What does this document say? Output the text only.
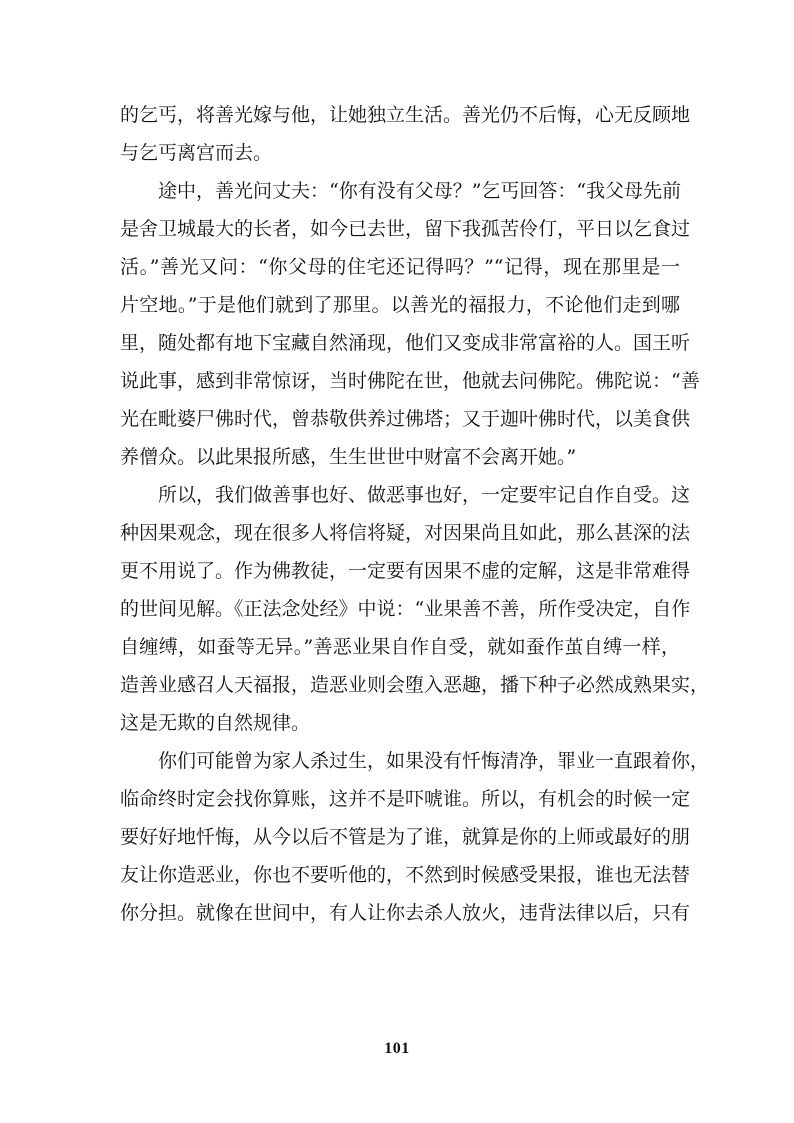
的乞丐，将善光嫁与他，让她独立生活。善光仍不后悔，心无反顾地
与乞丐离宫而去。
途中，善光问丈夫：“你有没有父母？”乞丐回答：“我父母先前
是舍卫城最大的长者，如今已去世，留下我孤苦伶仃，平日以乞食过
活。”善光又问：“你父母的住宅还记得吗？”“记得，现在那里是一
片空地。”于是他们就到了那里。以善光的福报力，不论他们走到哪
里，随处都有地下宝藏自然涌现，他们又变成非常富裕的人。国王听
说此事，感到非常惊讶，当时佛陀在世，他就去问佛陀。佛陀说：“善
光在毗婆尸佛时代，曾恭敬供养过佛塔；又于迦叶佛时代，以美食供
养僧众。以此果报所感，生生世世中财富不会离开她。”
所以，我们做善事也好、做恶事也好，一定要牢记自作自受。这
种因果观念，现在很多人将信将疑，对因果尚且如此，那么甚深的法
更不用说了。作为佛教徒，一定要有因果不虚的定解，这是非常难得
的世间见解。《正法念处经》中说：“业果善不善，所作受决定，自作
自缠缚，如蚕等无异。”善恶业果自作自受，就如蚕作茧自缚一样，
造善业感召人天福报，造恶业则会堕入恶趣，播下种子必然成熟果实，
这是无欺的自然规律。
你们可能曾为家人杀过生，如果没有忏悔清净，罪业一直跟着你，
临命终时定会找你算账，这并不是吓唬谁。所以，有机会的时候一定
要好好地忏悔，从今以后不管是为了谁，就算是你的上师或最好的朋
友让你造恶业，你也不要听他的，不然到时候感受果报，谁也无法替
你分担。就像在世间中，有人让你去杀人放火，违背法律以后，只有
101
